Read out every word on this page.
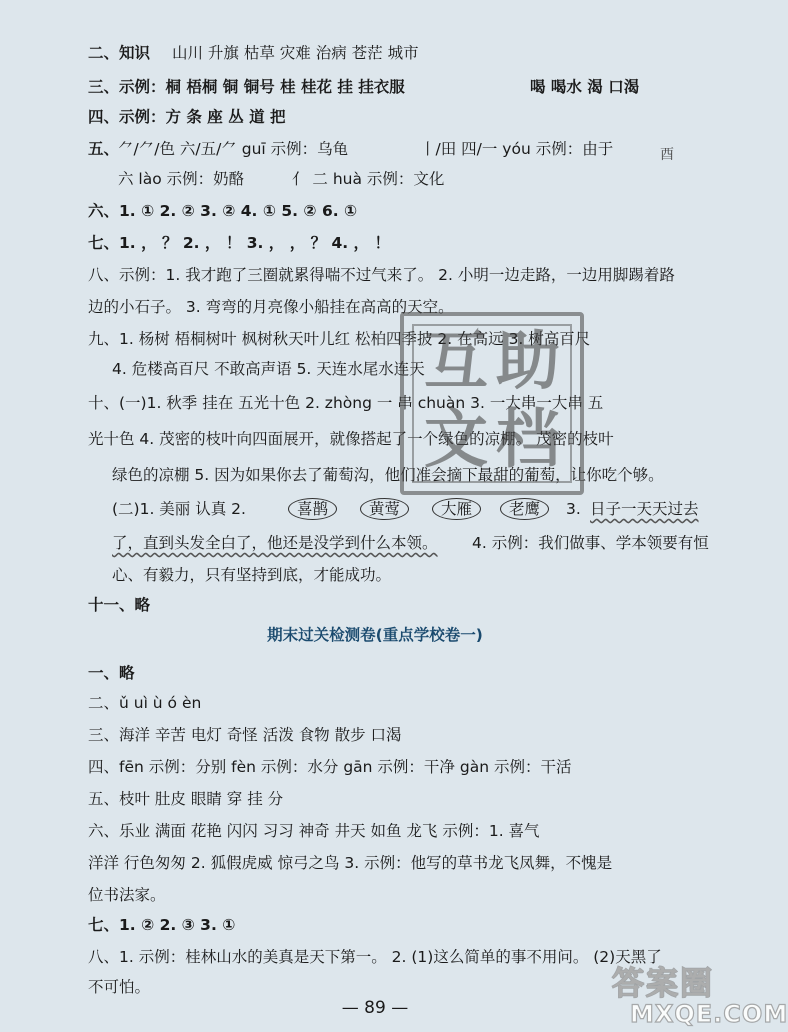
二、知识 山川 升旗 枯草 灾难 治病 苍茫 城市
三、示例：桐 梧桐 铜 铜号 桂 桂花 挂 挂衣服	喝 喝水 渴 口渴
四、示例：方 条 座 丛 道 把
五、
⺈/⺈/色 六/五/⺈ guī 示例：乌龟	丨/田 四/一 yóu 示例：由于	酉
六 lào 示例：奶酪	亻 二 huà 示例：文化
六、1. ① 2. ② 3. ② 4. ① 5. ② 6. ①
七、1. ， ？ 2. ， ！ 3. ， ， ？ 4. ， ！
八、示例：1. 我才跑了三圈就累得喘不过气来了。 2. 小明一边走路，一边用脚踢着路
边的小石子。 3. 弯弯的月亮像小船挂在高高的天空。
九、1. 杨树 梧桐树叶 枫树秋天叶儿红 松柏四季披 2. 在高远 3. 树高百尺
4. 危楼高百尺 不敢高声语 5. 天连水尾水连天
十、(一)1. 秋季 挂在 五光十色 2. zhòng 一 串 chuàn 3. 一大串一大串 五
光十色 4. 茂密的枝叶向四面展开，就像搭起了一个绿色的凉棚。 茂密的枝叶
绿色的凉棚 5. 因为如果你去了葡萄沟，他们准会摘下最甜的葡萄，让你吃个够。
(二)1. 美丽 认真 2.	喜鹊	黄莺	大雁	老鹰	3. 日子一天天过去
了，直到头发全白了，他还是没学到什么本领。 4. 示例：我们做事、学本领要有恒
心、有毅力，只有坚持到底，才能成功。
十一、略
期末过关检测卷(重点学校卷一)
一、略
二、ǔ uì ù ó èn
三、海洋 辛苦 电灯 奇怪 活泼 食物 散步 口渴
四、fēn 示例：分别 fèn 示例：水分 gān 示例：干净 gàn 示例：干活
五、枝叶 肚皮 眼睛 穿 挂 分
六、乐业 满面 花艳 闪闪 习习 神奇 井天 如鱼 龙飞 示例：1. 喜气
洋洋 行色匆匆 2. 狐假虎威 惊弓之鸟 3. 示例：他写的草书龙飞凤舞，不愧是
位书法家。
七、1. ② 2. ③ 3. ①
八、1. 示例：桂林山水的美真是天下第一。 2. (1)这么简单的事不用问。 (2)天黑了
不可怕。
互 助
文 档
— 89 —
答案圈
MXQE.COM
